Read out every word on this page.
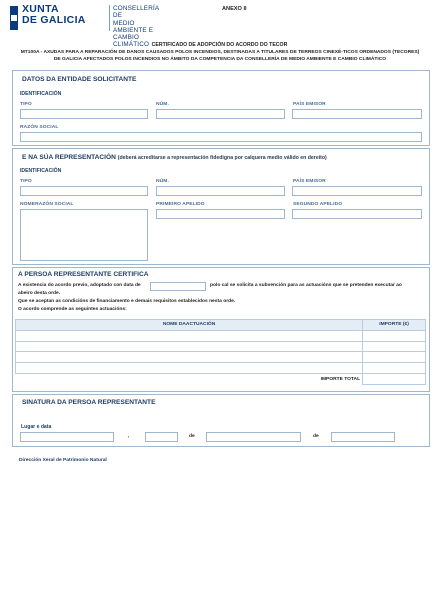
XUNTA
DE GALICIA
CONSELLERÍA DE
MEDIO AMBIENTE E
CAMBIO CLIMÁTICO
ANEXO II
CERTIFICADO DE ADOPCIÓN DO ACORDO DO TECOR
MT100A - AXUDAS PARA A REPARACIÓN DE DANOS CAUSADOS POLOS INCENDIOS, DESTINADAS A TITULARES DE TERREOS CINEXÉ-TICOS ORDENADOS (TECORES) DE GALICIA AFECTADOS POLOS INCENDIOS NO ÁMBITO DA COMPETENCIA DA CONSELLERÍA DE MEDIO AMBIENTE E CAMBIO CLIMÁTICO
DATOS DA ENTIDADE SOLICITANTE
IDENTIFICACIÓN
TIPO	NÚM.	PAÍS EMISOR
RAZÓN SOCIAL
E NA SÚA REPRESENTACIÓN (deberá acreditarse a representación fidedigna por calquera medio válido en dereito)
IDENTIFICACIÓN
TIPO	NÚM.	PAÍS EMISOR
NOMERAZÓN SOCIAL	PRIMEIRO APELIDO	SEGUNDO APELIDO
A PERSOA REPRESENTANTE CERTIFICA
A existencia do acordo previo, adoptado con data de	polo cal se solicita a subvención para as actuacións que se pretenden executar ao
abeiro desta orde.
Que se aceptan as condicións de financiamento e demais requisitos establecidos nesta orde.
O acordo comprende as seguintes actuacións:
NOME DAACTUACIÓN	IMPORTE (€)

IMPORTE TOTAL	
SINATURA DA PERSOA REPRESENTANTE
Lugar e data
,	de	de
Dirección Xeral de Patrimonio Natural
